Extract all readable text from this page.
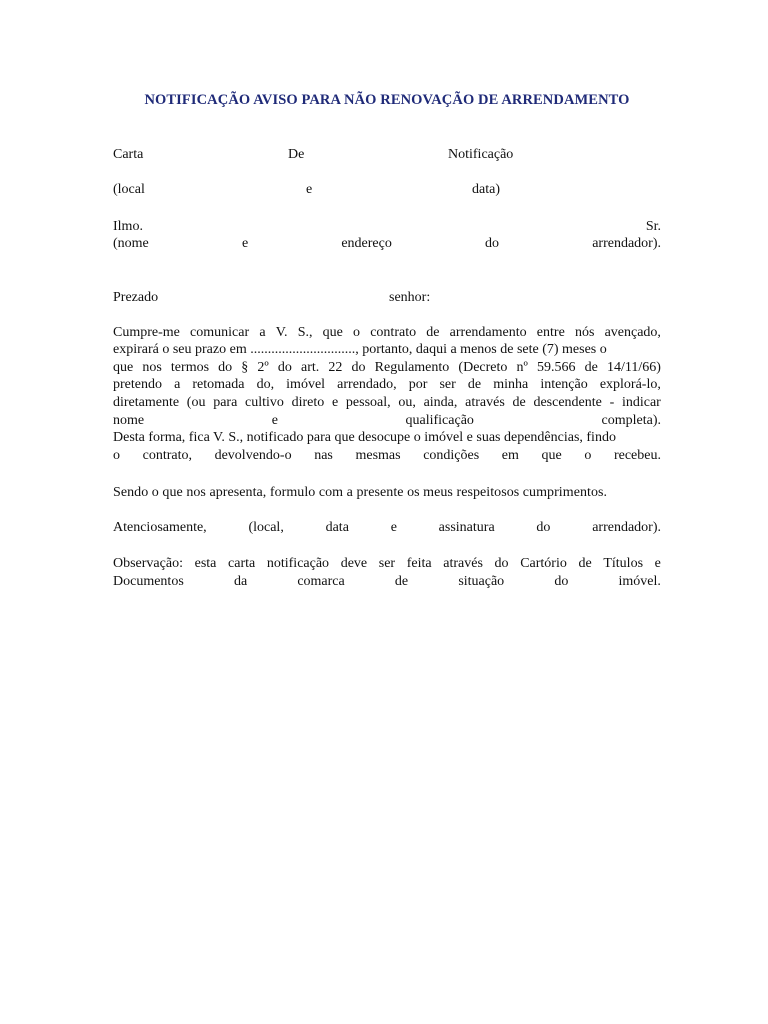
NOTIFICAÇÃO AVISO PARA NÃO RENOVAÇÃO DE ARRENDAMENTO
Carta	De	Notificação
(local	e	data)
Ilmo.	Sr.
(nome	e	endereço	do	arrendador).
Prezado	senhor:
Cumpre-me comunicar a V. S., que o contrato de arrendamento entre nós avençado,
expirará o seu prazo em .............................., portanto, daqui a menos de sete (7) meses o
que nos termos do § 2º do art. 22 do Regulamento (Decreto nº 59.566 de 14/11/66)
pretendo a retomada do, imóvel arrendado, por ser de minha intenção explorá-lo,
diretamente (ou para cultivo direto e pessoal, ou, ainda, através de descendente - indicar
nome	e	qualificação	completa).
Desta forma, fica V. S., notificado para que desocupe o imóvel e suas dependências, findo
o contrato, devolvendo-o nas mesmas condições em que o recebeu.
Sendo o que nos apresenta, formulo com a presente os meus respeitosos cumprimentos.
Atenciosamente,	(local,	data	e	assinatura	do	arrendador).
Observação: esta carta notificação deve ser feita através do Cartório de Títulos e
Documentos	da	comarca	de	situação	do	imóvel.
